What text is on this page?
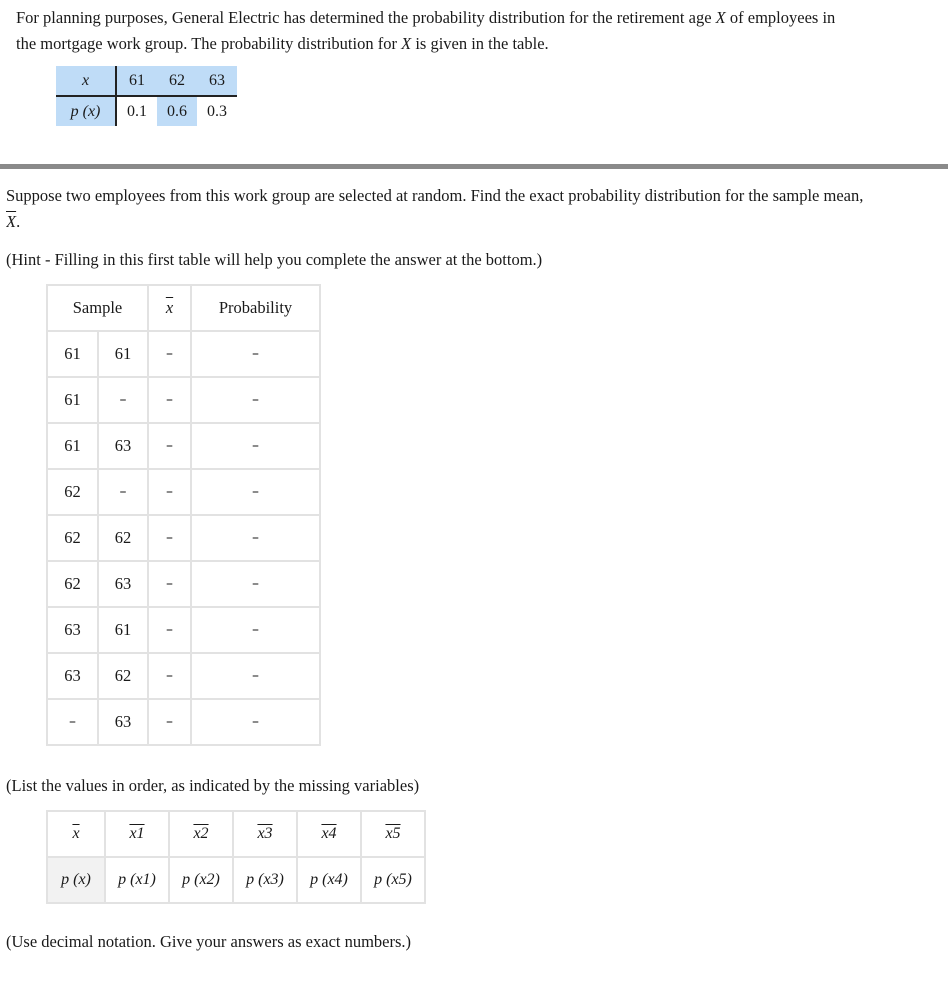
For planning purposes, General Electric has determined the probability distribution for the retirement age X of employees in
the mortgage work group. The probability distribution for X is given in the table.
x	61	62	63
p (x)	0.1	0.6	0.3
Suppose two employees from this work group are selected at random. Find the exact probability distribution for the sample mean,
$\overline{X}$.
(Hint - Filling in this first table will help you complete the answer at the bottom.)
Sample		$\overline{x}$	Probability
61	61	–	–
61	–	–	–
61	63	–	–
62	–	–	–
62	62	–	–
62	63	–	–
63	61	–	–
63	62	–	–
–	63	–	–
(List the values in order, as indicated by the missing variables)
$\overline{x}$	x1	x2	x3	x4	x5
p (x)	p (x1)	p (x2)	p (x3)	p (x4)	p (x5)
(Use decimal notation. Give your answers as exact numbers.)
